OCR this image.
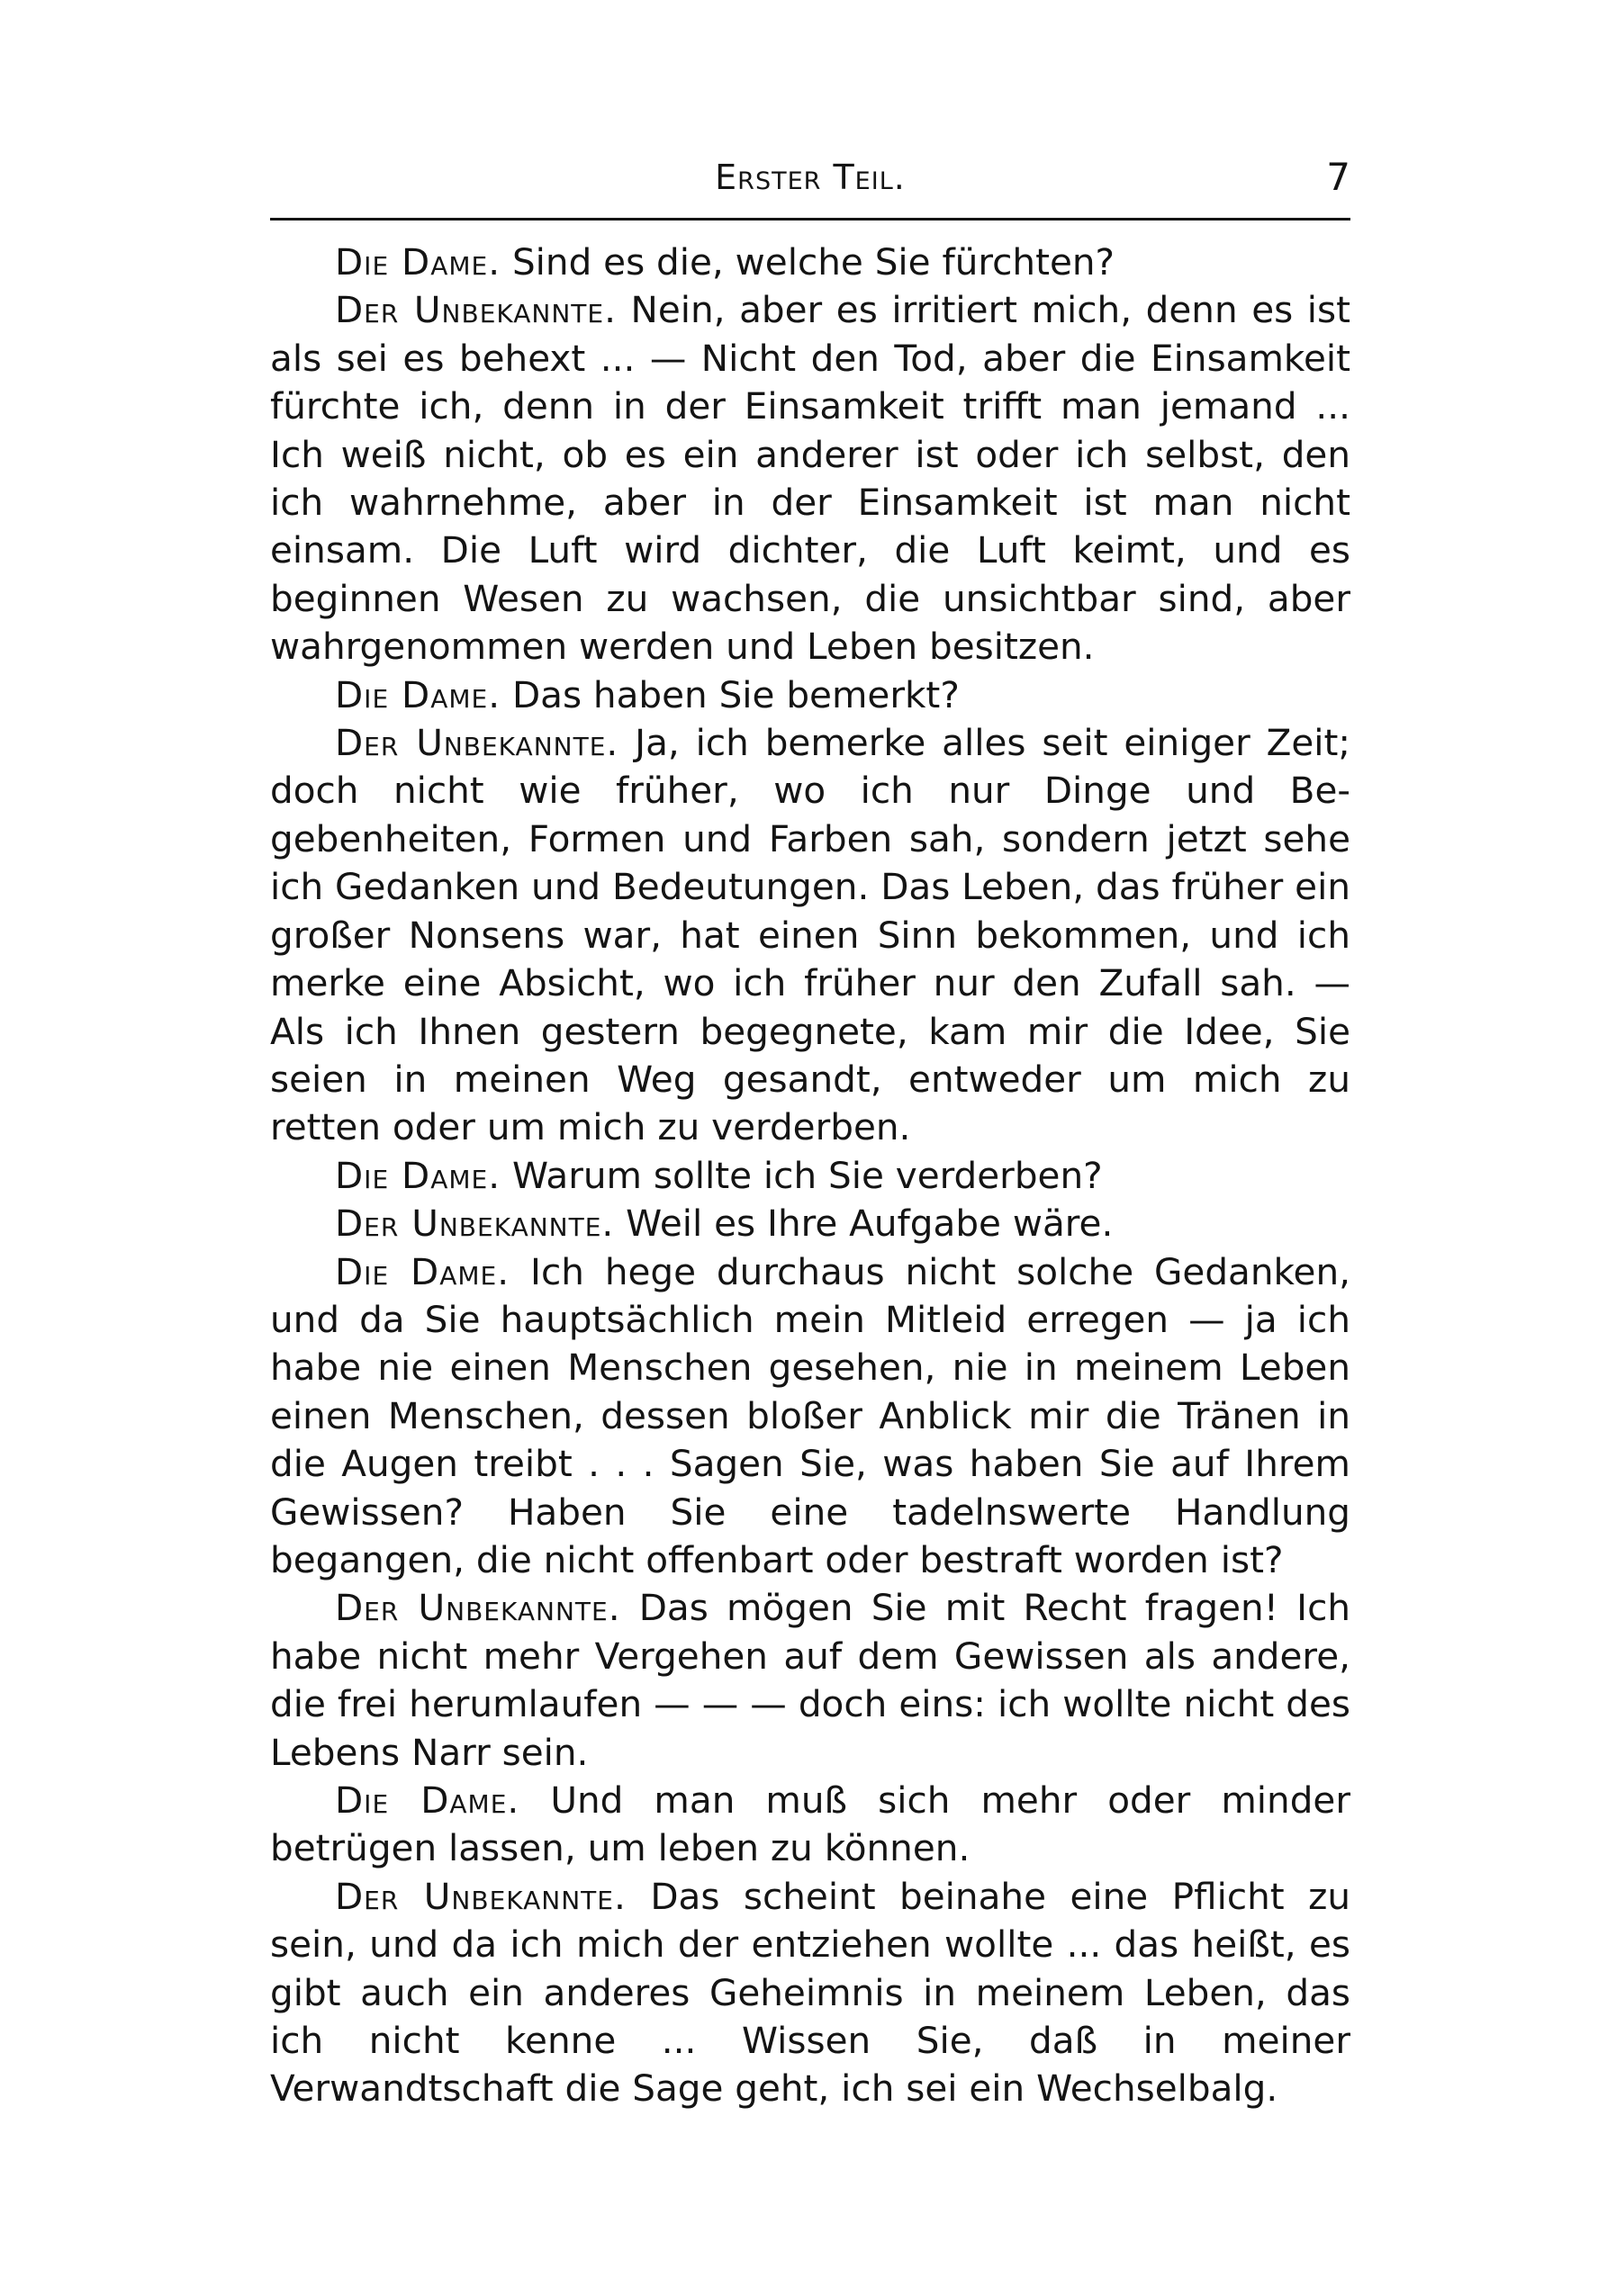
Erster Teil.	7

Die Dame. Sind es die, welche Sie fürchten?

Der Unbekannte. Nein, aber es irritiert mich, denn es ist als sei es behext ... — Nicht den Tod, aber die Einsamkeit fürchte ich, denn in der Einsamkeit trifft man jemand ... Ich weiß nicht, ob es ein anderer ist oder ich selbst, den ich wahrnehme, aber in der Einsamkeit ist man nicht einsam. Die Luft wird dichter, die Luft keimt, und es beginnen Wesen zu wachsen, die unsichtbar sind, aber wahrgenommen werden und Leben besitzen.

Die Dame. Das haben Sie bemerkt?

Der Unbekannte. Ja, ich bemerke alles seit einiger Zeit; doch nicht wie früher, wo ich nur Dinge und Begebenheiten, Formen und Farben sah, sondern jetzt sehe ich Gedanken und Bedeutungen. Das Leben, das früher ein großer Nonsens war, hat einen Sinn bekommen, und ich merke eine Absicht, wo ich früher nur den Zufall sah. — Als ich Ihnen gestern begegnete, kam mir die Idee, Sie seien in meinen Weg gesandt, entweder um mich zu retten oder um mich zu verderben.

Die Dame. Warum sollte ich Sie verderben?

Der Unbekannte. Weil es Ihre Aufgabe wäre.

Die Dame. Ich hege durchaus nicht solche Gedanken, und da Sie hauptsächlich mein Mitleid erregen — ja ich habe nie einen Menschen gesehen, nie in meinem Leben einen Menschen, dessen bloßer Anblick mir die Tränen in die Augen treibt . . . Sagen Sie, was haben Sie auf Ihrem Gewissen? Haben Sie eine tadelnswerte Handlung begangen, die nicht offenbart oder bestraft worden ist?

Der Unbekannte. Das mögen Sie mit Recht fragen! Ich habe nicht mehr Vergehen auf dem Gewissen als andere, die frei herumlaufen — — — doch eins: ich wollte nicht des Lebens Narr sein.

Die Dame. Und man muß sich mehr oder minder betrügen lassen, um leben zu können.

Der Unbekannte. Das scheint beinahe eine Pflicht zu sein, und da ich mich der entziehen wollte ... das heißt, es gibt auch ein anderes Geheimnis in meinem Leben, das ich nicht kenne ... Wissen Sie, daß in meiner Verwandtschaft die Sage geht, ich sei ein Wechselbalg.
